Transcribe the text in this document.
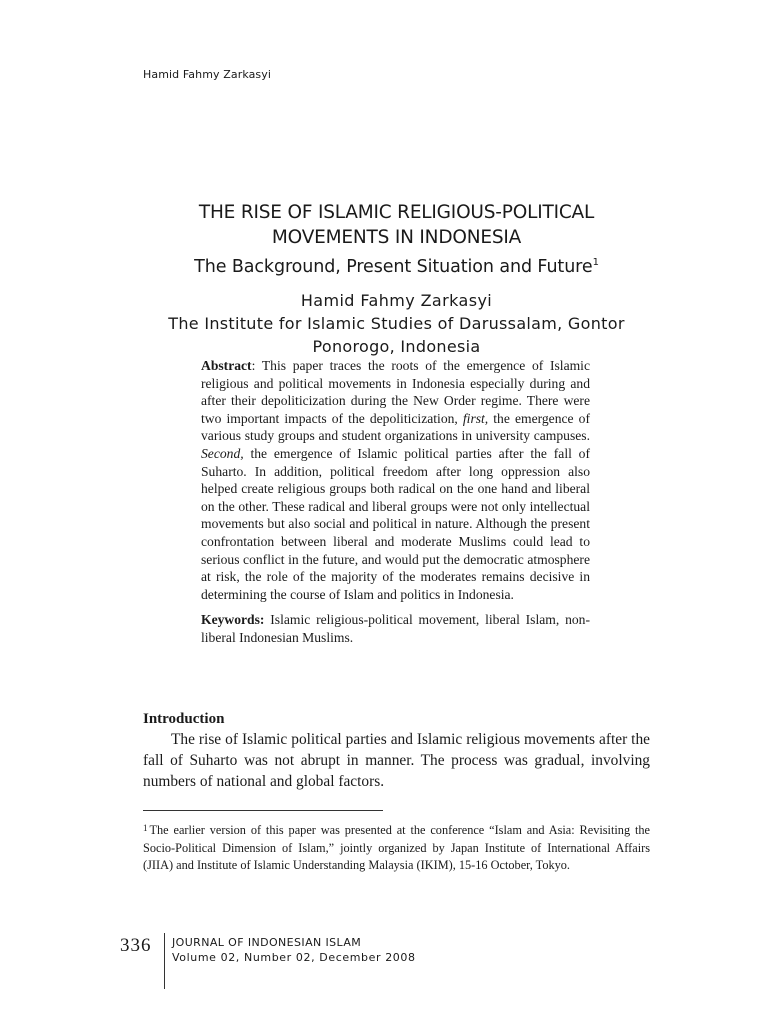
Hamid Fahmy Zarkasyi
THE RISE OF ISLAMIC RELIGIOUS-POLITICAL
MOVEMENTS IN INDONESIA
The Background, Present Situation and Future$^1$
Hamid Fahmy Zarkasyi
The Institute for Islamic Studies of Darussalam, Gontor
Ponorogo, Indonesia

Abstract: This paper traces the roots of the emergence of Islamic religious and political movements in Indonesia especially during and after their depoliticization during the New Order regime. There were two important impacts of the depoliticization, first, the emergence of various study groups and student organizations in university campuses. Second, the emergence of Islamic political parties after the fall of Suharto. In addition, political freedom after long oppression also helped create religious groups both radical on the one hand and liberal on the other. These radical and liberal groups were not only intellectual movements but also social and political in nature. Although the present confrontation between liberal and moderate Muslims could lead to serious conflict in the future, and would put the democratic atmosphere at risk, the role of the majority of the moderates remains decisive in determining the course of Islam and politics in Indonesia.

Keywords: Islamic religious-political movement, liberal Islam, non-liberal Indonesian Muslims.

Introduction

The rise of Islamic political parties and Islamic religious movements after the fall of Suharto was not abrupt in manner. The process was gradual, involving numbers of national and global factors.

$^1$ The earlier version of this paper was presented at the conference “Islam and Asia: Revisiting the Socio-Political Dimension of Islam,” jointly organized by Japan Institute of International Affairs (JIIA) and Institute of Islamic Understanding Malaysia (IKIM), 15-16 October, Tokyo.

336 JOURNAL OF INDONESIAN ISLAM
Volume 02, Number 02, December 2008
